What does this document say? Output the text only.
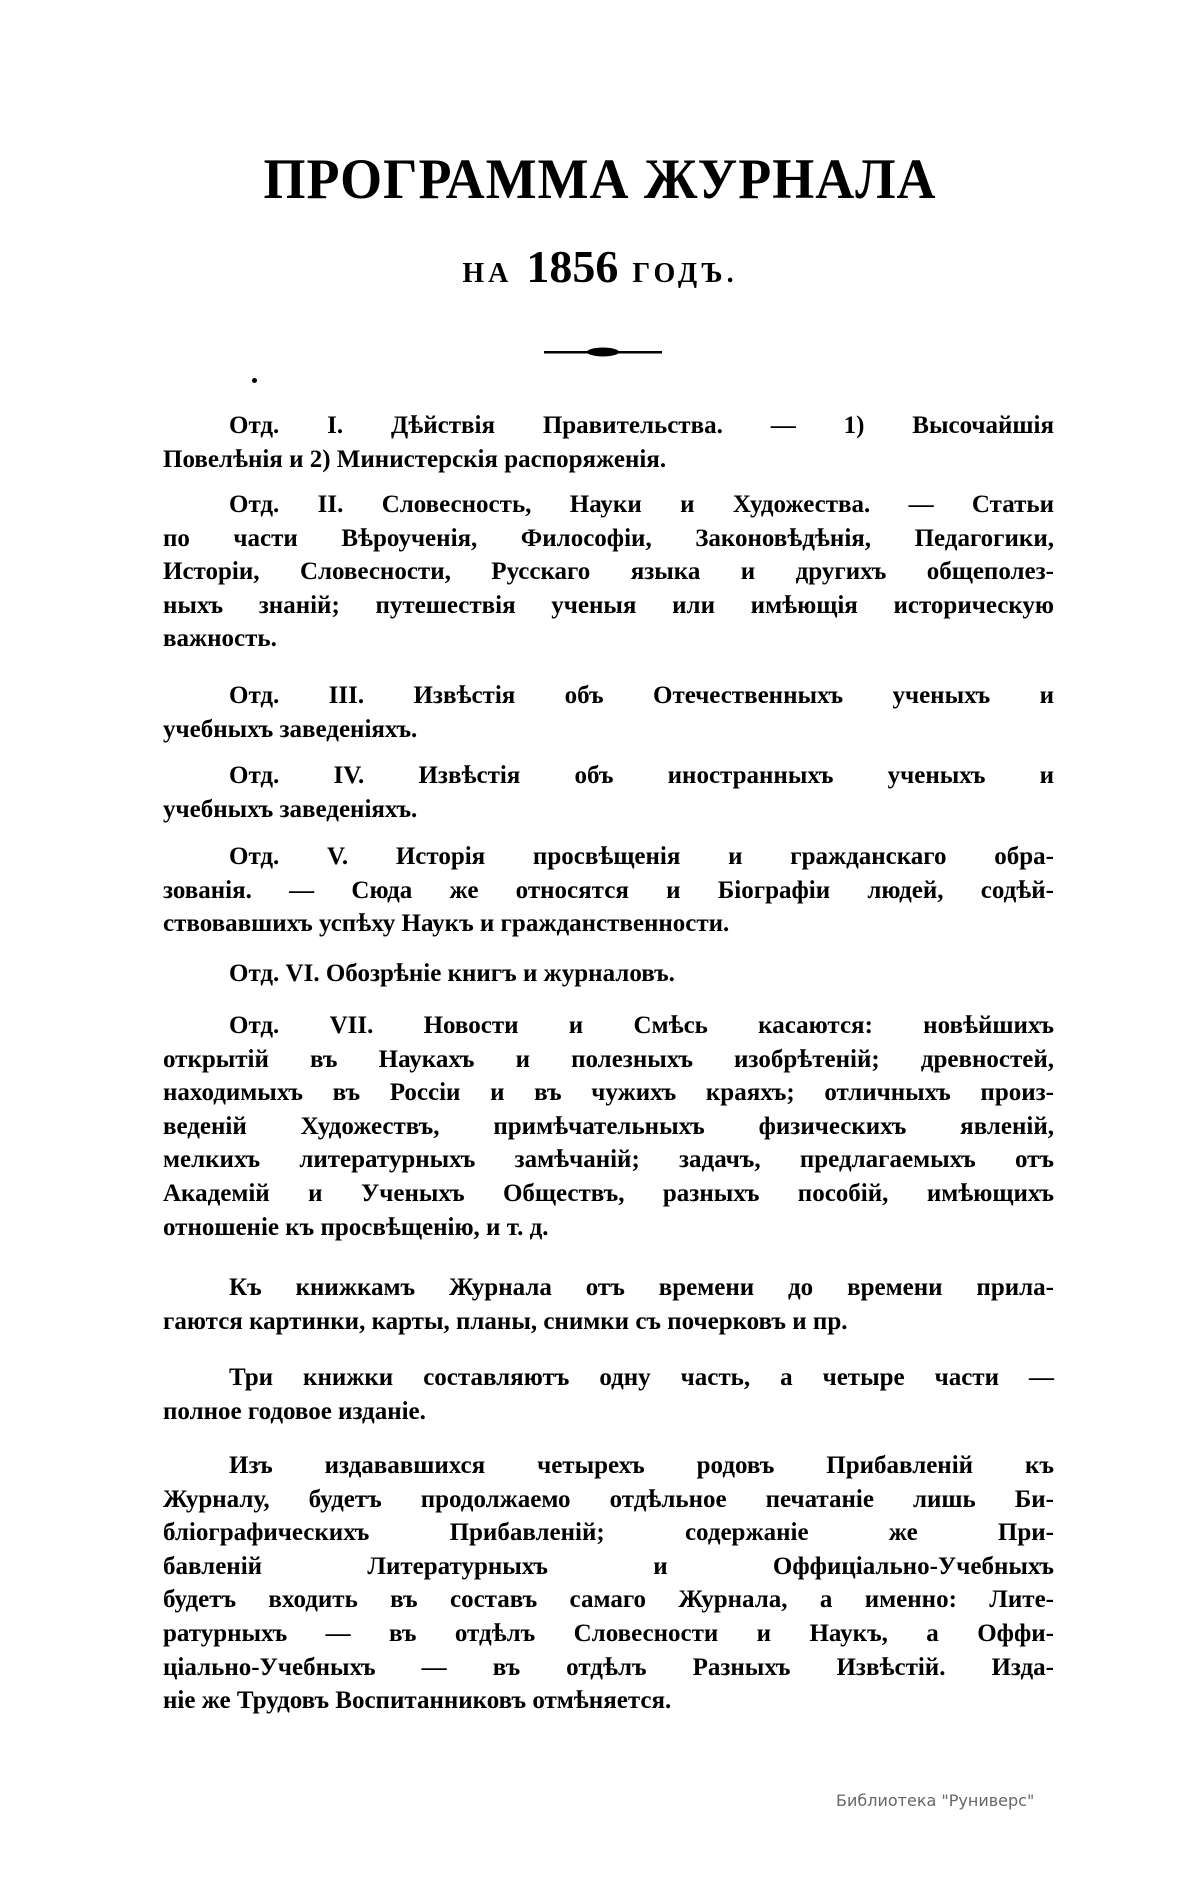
ПРОГРАММА ЖУРНАЛА
НА 1856 ГОДЪ.
Отд. I. Дѣйствія Правительства. — 1) Высочайшія
Повелѣнія и 2) Министерскія распоряженія.
Отд. II. Словесность, Науки и Художества. — Статьи
по части Вѣроученія, Философіи, Законовѣдѣнія, Педагогики,
Исторіи, Словесности, Русскаго языка и другихъ общеполез-
ныхъ знаній; путешествія ученыя или имѣющія историческую
важность.
Отд. III. Извѣстія объ Отечественныхъ ученыхъ и
учебныхъ заведеніяхъ.
Отд. IV. Извѣстія объ иностранныхъ ученыхъ и
учебныхъ заведеніяхъ.
Отд. V. Исторія просвѣщенія и гражданскаго обра-
зованія. — Сюда же относятся и Біографіи людей, содѣй-
ствовавшихъ успѣху Наукъ и гражданственности.
Отд. VI. Обозрѣніе книгъ и журналовъ.
Отд. VII. Новости и Смѣсь касаются: новѣйшихъ
открытій въ Наукахъ и полезныхъ изобрѣтеній; древностей,
находимыхъ въ Россіи и въ чужихъ краяхъ; отличныхъ произ-
веденій Художествъ, примѣчательныхъ физическихъ явленій,
мелкихъ литературныхъ замѣчаній; задачъ, предлагаемыхъ отъ
Академій и Ученыхъ Обществъ, разныхъ пособій, имѣющихъ
отношеніе къ просвѣщенію, и т. д.
Къ книжкамъ Журнала отъ времени до времени прила-
гаются картинки, карты, планы, снимки съ почерковъ и пр.
Три книжки составляютъ одну часть, а четыре части —
полное годовое изданіе.
Изъ издававшихся четырехъ родовъ Прибавленій къ
Журналу, будетъ продолжаемо отдѣльное печатаніе лишь Би-
бліографическихъ Прибавленій; содержаніе же При-
бавленій Литературныхъ и Оффиціально-Учебныхъ
будетъ входить въ составъ самаго Журнала, а именно: Лите-
ратурныхъ — въ отдѣлъ Словесности и Наукъ, а Оффи-
ціально-Учебныхъ — въ отдѣлъ Разныхъ Извѣстій. Изда-
ніе же Трудовъ Воспитанниковъ отмѣняется.
Библиотека "Руниверс"
